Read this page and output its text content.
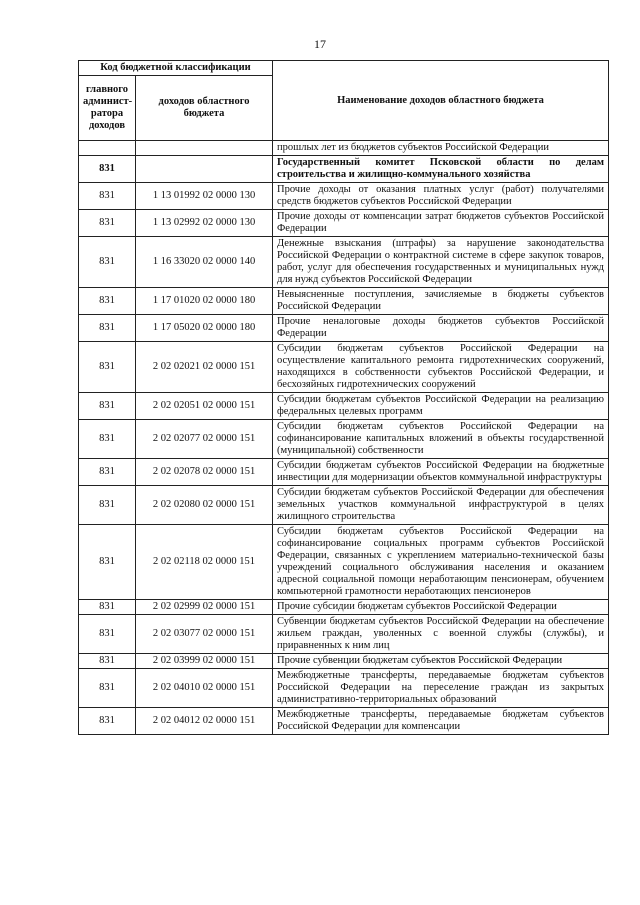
17
Код бюджетной классификации		Наименование доходов областного бюджета
главного админист-ратора доходов	доходов областного бюджета	
		прошлых лет из бюджетов субъектов Российской Федерации
831		Государственный комитет Псковской области по делам строительства и жилищно-коммунального хозяйства
831	1 13 01992 02 0000 130	Прочие доходы от оказания платных услуг (работ) получателями средств бюджетов субъектов Российской Федерации
831	1 13 02992 02 0000 130	Прочие доходы от компенсации затрат бюджетов субъектов Российской Федерации
831	1 16 33020 02 0000 140	Денежные взыскания (штрафы) за нарушение законодательства Российской Федерации о контрактной системе в сфере закупок товаров, работ, услуг для обеспечения государственных и муниципальных нужд для нужд субъектов Российской Федерации
831	1 17 01020 02 0000 180	Невыясненные поступления, зачисляемые в бюджеты субъектов Российской Федерации
831	1 17 05020 02 0000 180	Прочие неналоговые доходы бюджетов субъектов Российской Федерации
831	2 02 02021 02 0000 151	Субсидии бюджетам субъектов Российской Федерации на осуществление капитального ремонта гидротехнических сооружений, находящихся в собственности субъектов Российской Федерации, и бесхозяйных гидротехнических сооружений
831	2 02 02051 02 0000 151	Субсидии бюджетам субъектов Российской Федерации на реализацию федеральных целевых программ
831	2 02 02077 02 0000 151	Субсидии бюджетам субъектов Российской Федерации на софинансирование капитальных вложений в объекты государственной (муниципальной) собственности
831	2 02 02078 02 0000 151	Субсидии бюджетам субъектов Российской Федерации на бюджетные инвестиции для модернизации объектов коммунальной инфраструктуры
831	2 02 02080 02 0000 151	Субсидии бюджетам субъектов Российской Федерации для обеспечения земельных участков коммунальной инфраструктурой в целях жилищного строительства
831	2 02 02118 02 0000 151	Субсидии бюджетам субъектов Российской Федерации на софинансирование социальных программ субъектов Российской Федерации, связанных с укреплением материально-технической базы учреждений социального обслуживания населения и оказанием адресной социальной помощи неработающим пенсионерам, обучением компьютерной грамотности неработающих пенсионеров
831	2 02 02999 02 0000 151	Прочие субсидии бюджетам субъектов Российской Федерации
831	2 02 03077 02 0000 151	Субвенции бюджетам субъектов Российской Федерации на обеспечение жильем граждан, уволенных с военной службы (службы), и приравненных к ним лиц
831	2 02 03999 02 0000 151	Прочие субвенции бюджетам субъектов Российской Федерации
831	2 02 04010 02 0000 151	Межбюджетные трансферты, передаваемые бюджетам субъектов Российской Федерации на переселение граждан из закрытых административно-территориальных образований
831	2 02 04012 02 0000 151	Межбюджетные трансферты, передаваемые бюджетам субъектов Российской Федерации для компенсации
